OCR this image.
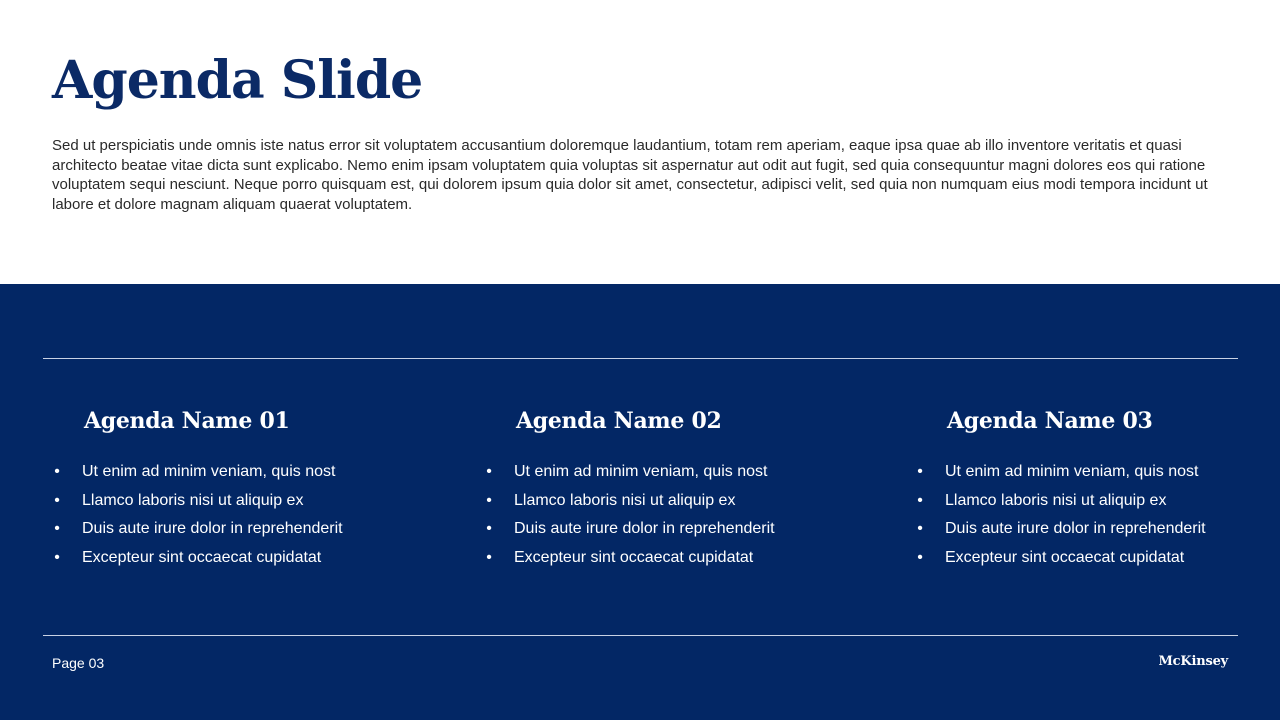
Agenda Slide

Sed ut perspiciatis unde omnis iste natus error sit voluptatem accusantium doloremque laudantium, totam rem aperiam, eaque ipsa quae ab illo inventore veritatis et quasi architecto beatae vitae dicta sunt explicabo. Nemo enim ipsam voluptatem quia voluptas sit aspernatur aut odit aut fugit, sed quia consequuntur magni dolores eos qui ratione voluptatem sequi nesciunt. Neque porro quisquam est, qui dolorem ipsum quia dolor sit amet, consectetur, adipisci velit, sed quia non numquam eius modi tempora incidunt ut labore et dolore magnam aliquam quaerat voluptatem.

Agenda Name 01
• Ut enim ad minim veniam, quis nost
• Llamco laboris nisi ut aliquip ex
• Duis aute irure dolor in reprehenderit
• Excepteur sint occaecat cupidatat
Agenda Name 02
• Ut enim ad minim veniam, quis nost
• Llamco laboris nisi ut aliquip ex
• Duis aute irure dolor in reprehenderit
• Excepteur sint occaecat cupidatat
Agenda Name 03
• Ut enim ad minim veniam, quis nost
• Llamco laboris nisi ut aliquip ex
• Duis aute irure dolor in reprehenderit
• Excepteur sint occaecat cupidatat
Page 03	McKinsey
